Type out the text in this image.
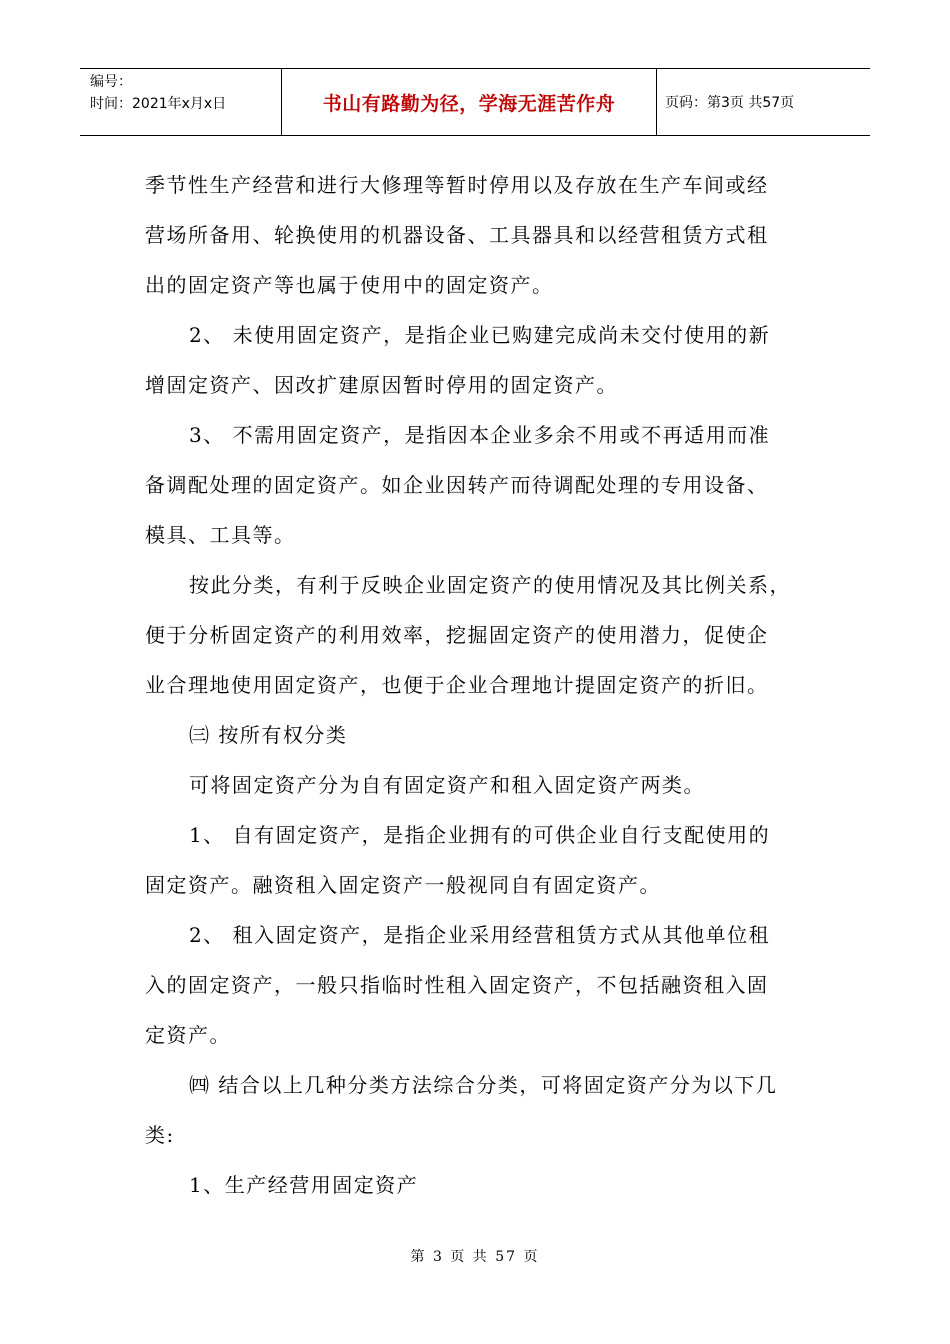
编号：
时间：2021年x月x日	书山有路勤为径，学海无涯苦作舟	页码：第3页 共57页

季节性生产经营和进行大修理等暂时停用以及存放在生产车间或经

营场所备用、轮换使用的机器设备、工具器具和以经营租赁方式租

出的固定资产等也属于使用中的固定资产。

2、 未使用固定资产，是指企业已购建完成尚未交付使用的新

增固定资产、因改扩建原因暂时停用的固定资产。

3、 不需用固定资产，是指因本企业多余不用或不再适用而准

备调配处理的固定资产。如企业因转产而待调配处理的专用设备、

模具、工具等。

按此分类，有利于反映企业固定资产的使用情况及其比例关系，

便于分析固定资产的利用效率，挖掘固定资产的使用潜力，促使企

业合理地使用固定资产，也便于企业合理地计提固定资产的折旧。

㈢ 按所有权分类

可将固定资产分为自有固定资产和租入固定资产两类。

1、 自有固定资产，是指企业拥有的可供企业自行支配使用的

固定资产。融资租入固定资产一般视同自有固定资产。

2、 租入固定资产，是指企业采用经营租赁方式从其他单位租

入的固定资产，一般只指临时性租入固定资产，不包括融资租入固

定资产。

㈣ 结合以上几种分类方法综合分类，可将固定资产分为以下几

类:

1、生产经营用固定资产

第 3 页 共 57 页
